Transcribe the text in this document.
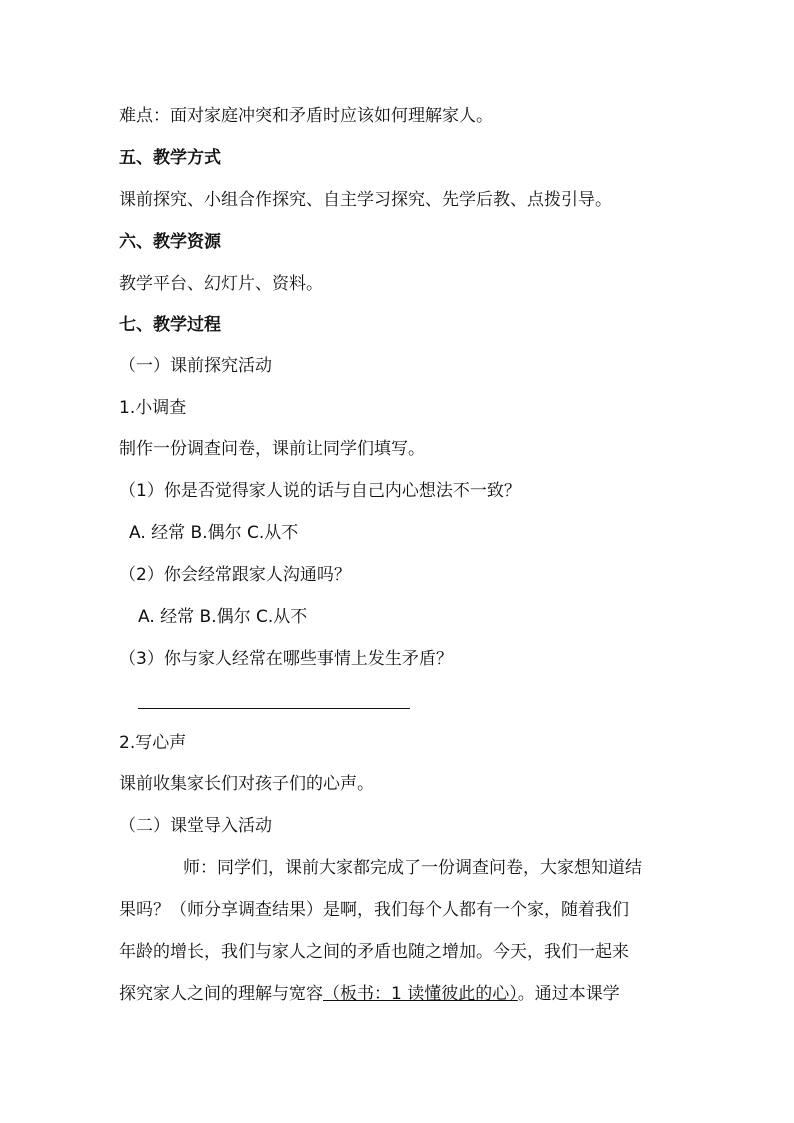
难点：面对家庭冲突和矛盾时应该如何理解家人。
五、教学方式
课前探究、小组合作探究、自主学习探究、先学后教、点拨引导。
六、教学资源
教学平台、幻灯片、资料。
七、教学过程
（一）课前探究活动
1.小调查
制作一份调查问卷，课前让同学们填写。
（1）你是否觉得家人说的话与自己内心想法不一致？
A. 经常 B.偶尔 C.从不
（2）你会经常跟家人沟通吗？
A. 经常 B.偶尔 C.从不
（3）你与家人经常在哪些事情上发生矛盾？
2.写心声
课前收集家长们对孩子们的心声。
（二）课堂导入活动
师：同学们，课前大家都完成了一份调查问卷，大家想知道结
果吗？（师分享调查结果）是啊，我们每个人都有一个家，随着我们
年龄的增长，我们与家人之间的矛盾也随之增加。今天，我们一起来
探究家人之间的理解与宽容（板书：1 读懂彼此的心）。通过本课学
